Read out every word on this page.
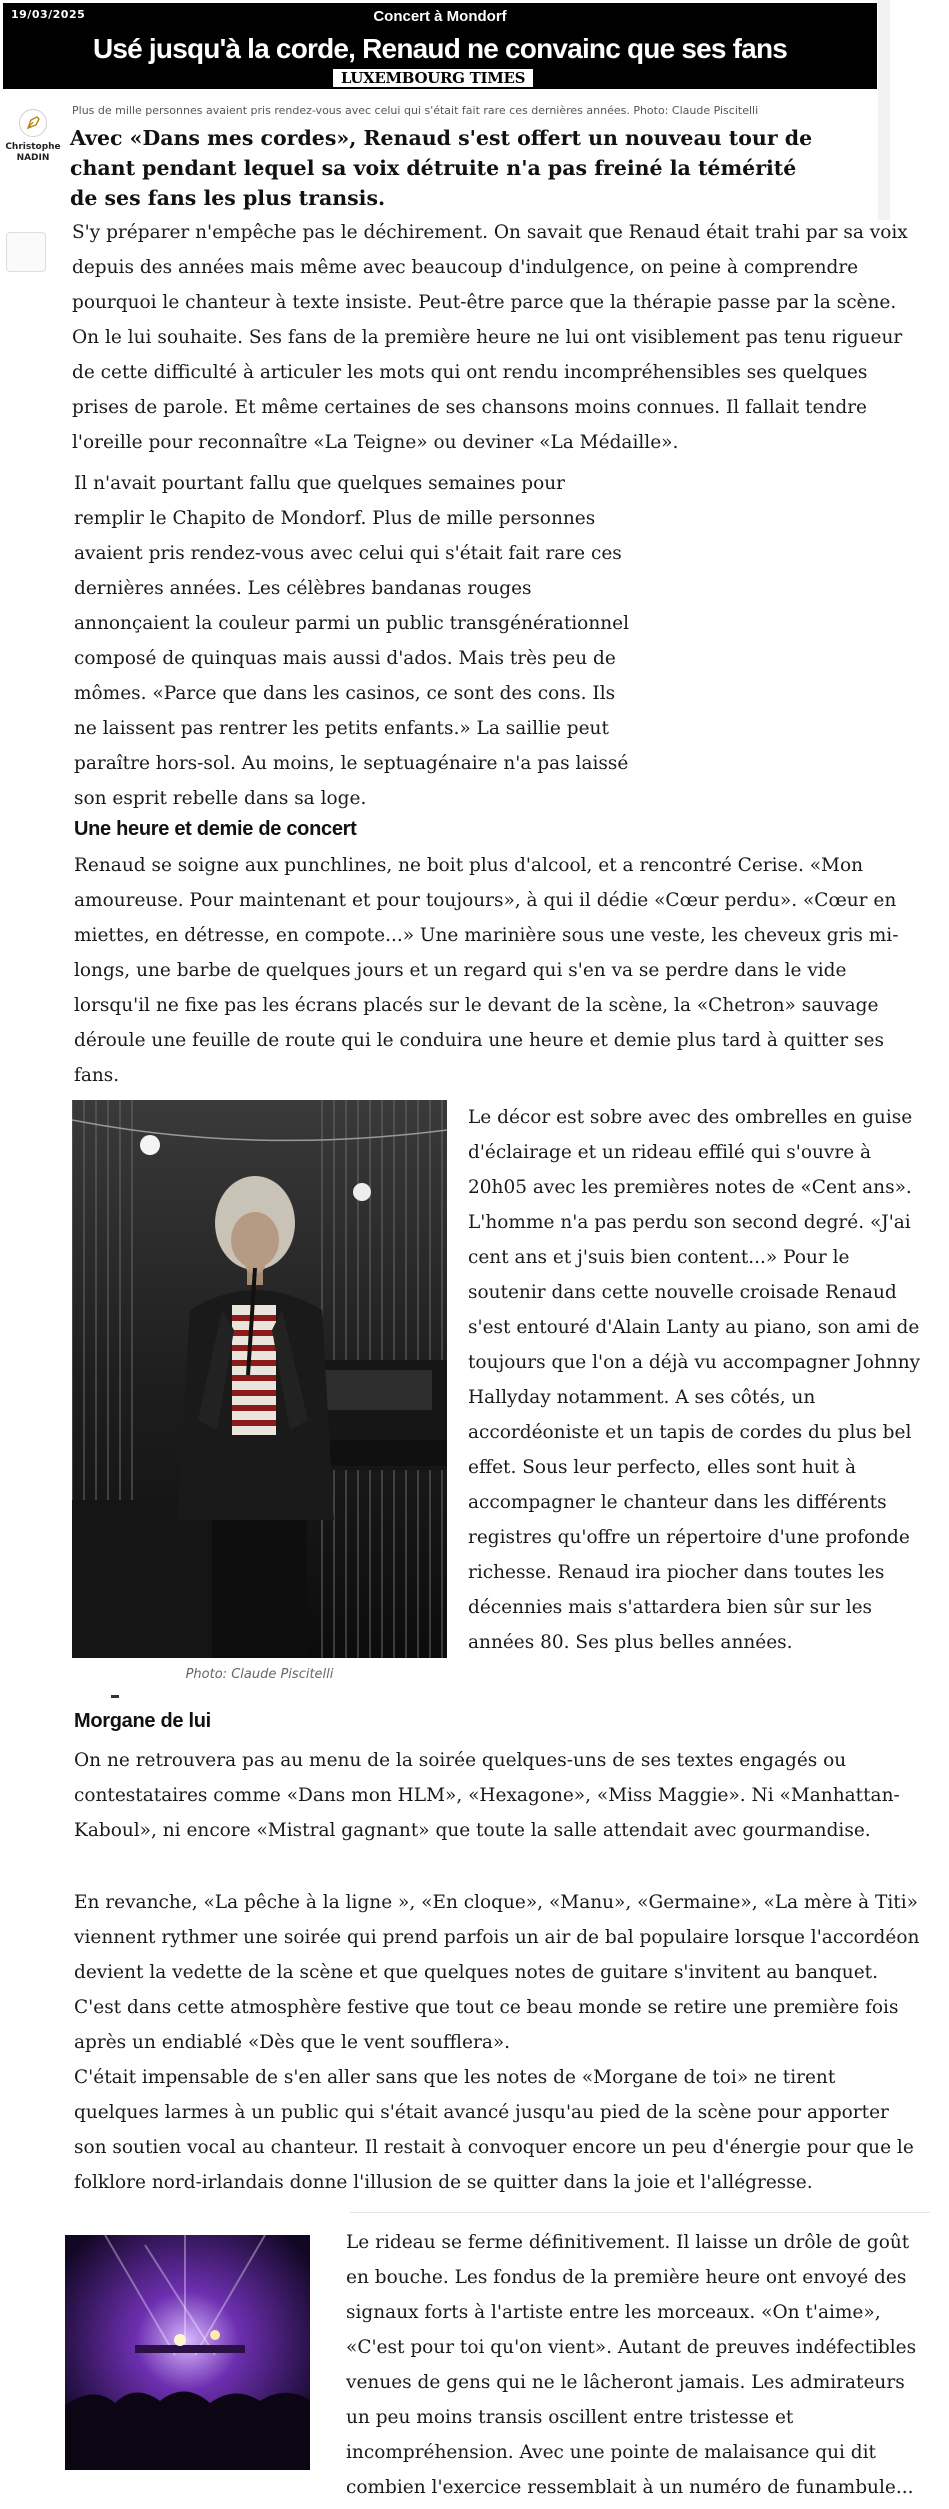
19/03/2025	Concert à Mondorf
Usé jusqu'à la corde, Renaud ne convainc que ses fans
LUXEMBOURG TIMES
Plus de mille personnes avaient pris rendez-vous avec celui qui s'était fait rare ces dernières années. Photo: Claude Piscitelli
Christophe
NADIN
Avec «Dans mes cordes», Renaud s'est offert un nouveau tour de chant pendant lequel sa voix détruite n'a pas freiné la témérité de ses fans les plus transis.

S'y préparer n'empêche pas le déchirement. On savait que Renaud était trahi par sa voix depuis des années mais même avec beaucoup d'indulgence, on peine à comprendre pourquoi le chanteur à texte insiste. Peut-être parce que la thérapie passe par la scène. On le lui souhaite. Ses fans de la première heure ne lui ont visiblement pas tenu rigueur de cette difficulté à articuler les mots qui ont rendu incompréhensibles ses quelques prises de parole. Et même certaines de ses chansons moins connues. Il fallait tendre l'oreille pour reconnaître «La Teigne» ou deviner «La Médaille».

Il n'avait pourtant fallu que quelques semaines pour remplir le Chapito de Mondorf. Plus de mille personnes avaient pris rendez-vous avec celui qui s'était fait rare ces dernières années. Les célèbres bandanas rouges annonçaient la couleur parmi un public transgénérationnel composé de quinquas mais aussi d'ados. Mais très peu de mômes. «Parce que dans les casinos, ce sont des cons. Ils ne laissent pas rentrer les petits enfants.» La saillie peut paraître hors-sol. Au moins, le septuagénaire n'a pas laissé son esprit rebelle dans sa loge.

Une heure et demie de concert

Renaud se soigne aux punchlines, ne boit plus d'alcool, et a rencontré Cerise. «Mon amoureuse. Pour maintenant et pour toujours», à qui il dédie «Cœur perdu». «Cœur en miettes, en détresse, en compote...» Une marinière sous une veste, les cheveux gris mi-longs, une barbe de quelques jours et un regard qui s'en va se perdre dans le vide lorsqu'il ne fixe pas les écrans placés sur le devant de la scène, la «Chetron» sauvage déroule une feuille de route qui le conduira une heure et demie plus tard à quitter ses fans.

Photo: Claude Piscitelli

Le décor est sobre avec des ombrelles en guise d'éclairage et un rideau effilé qui s'ouvre à 20h05 avec les premières notes de «Cent ans». L'homme n'a pas perdu son second degré. «J'ai cent ans et j'suis bien content...» Pour le soutenir dans cette nouvelle croisade Renaud s'est entouré d'Alain Lanty au piano, son ami de toujours que l'on a déjà vu accompagner Johnny Hallyday notamment. A ses côtés, un accordéoniste et un tapis de cordes du plus bel effet. Sous leur perfecto, elles sont huit à accompagner le chanteur dans les différents registres qu'offre un répertoire d'une profonde richesse. Renaud ira piocher dans toutes les décennies mais s'attardera bien sûr sur les années 80. Ses plus belles années.

Morgane de lui

On ne retrouvera pas au menu de la soirée quelques-uns de ses textes engagés ou contestataires comme «Dans mon HLM», «Hexagone», «Miss Maggie». Ni «Manhattan-Kaboul», ni encore «Mistral gagnant» que toute la salle attendait avec gourmandise.

En revanche, «La pêche à la ligne », «En cloque», «Manu», «Germaine», «La mère à Titi» viennent rythmer une soirée qui prend parfois un air de bal populaire lorsque l'accordéon devient la vedette de la scène et que quelques notes de guitare s'invitent au banquet. C'est dans cette atmosphère festive que tout ce beau monde se retire une première fois après un endiablé «Dès que le vent soufflera».

C'était impensable de s'en aller sans que les notes de «Morgane de toi» ne tirent quelques larmes à un public qui s'était avancé jusqu'au pied de la scène pour apporter son soutien vocal au chanteur. Il restait à convoquer encore un peu d'énergie pour que le folklore nord-irlandais donne l'illusion de se quitter dans la joie et l'allégresse.

Le rideau se ferme définitivement. Il laisse un drôle de goût en bouche. Les fondus de la première heure ont envoyé des signaux forts à l'artiste entre les morceaux. «On t'aime», «C'est pour toi qu'on vient». Autant de preuves indéfectibles venues de gens qui ne le lâcheront jamais. Les admirateurs un peu moins transis oscillent entre tristesse et incompréhension. Avec une pointe de malaisance qui dit combien l'exercice ressemblait à un numéro de funambule...
